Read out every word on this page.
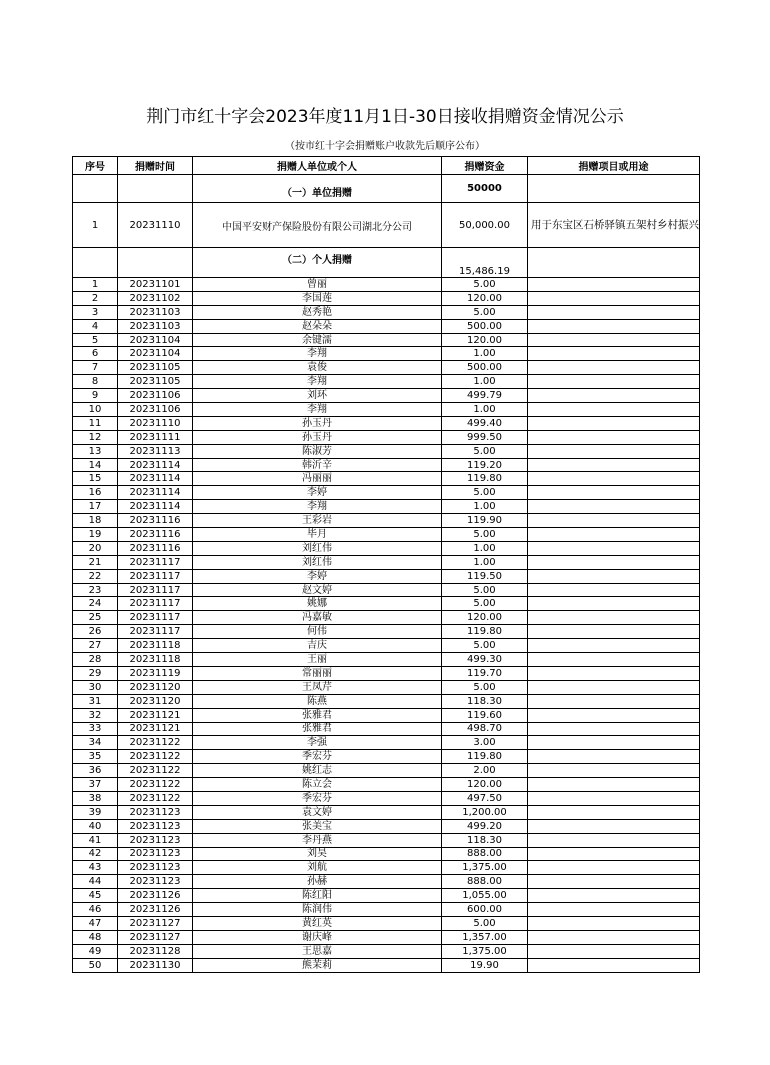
荆门市红十字会2023年度11月1日-30日接收捐赠资金情况公示
（按市红十字会捐赠账户收款先后顺序公布）
序号	捐赠时间	捐赠人单位或个人	捐赠资金	捐赠项目或用途
		（一）单位捐赠	50000	
1	20231110	中国平安财产保险股份有限公司湖北分公司	50,000.00	用于东宝区石桥驿镇五架村乡村振兴
		（二）个人捐赠	15,486.19	
1	20231101	曾丽	5.00	
2	20231102	李国莲	120.00	
3	20231103	赵秀艳	5.00	
4	20231103	赵朵朵	500.00	
5	20231104	余键濡	120.00	
6	20231104	李翔	1.00	
7	20231105	袁俊	500.00	
8	20231105	李翔	1.00	
9	20231106	刘环	499.79	
10	20231106	李翔	1.00	
11	20231110	孙玉丹	499.40	
12	20231111	孙玉丹	999.50	
13	20231113	陈淑芳	5.00	
14	20231114	韩沂辛	119.20	
15	20231114	冯丽丽	119.80	
16	20231114	李婷	5.00	
17	20231114	李翔	1.00	
18	20231116	王彩岩	119.90	
19	20231116	毕月	5.00	
20	20231116	刘红伟	1.00	
21	20231117	刘红伟	1.00	
22	20231117	李婷	119.50	
23	20231117	赵文婷	5.00	
24	20231117	姚娜	5.00	
25	20231117	冯嘉敏	120.00	
26	20231117	何伟	119.80	
27	20231118	吉庆	5.00	
28	20231118	王丽	499.30	
29	20231119	常丽丽	119.70	
30	20231120	王凤芹	5.00	
31	20231120	陈燕	118.30	
32	20231121	张雅君	119.60	
33	20231121	张雅君	498.70	
34	20231122	李强	3.00	
35	20231122	季宏芬	119.80	
36	20231122	姚红志	2.00	
37	20231122	陈立会	120.00	
38	20231122	季宏芬	497.50	
39	20231123	袁文婷	1,200.00	
40	20231123	张美宝	499.20	
41	20231123	李丹燕	118.30	
42	20231123	刘昊	888.00	
43	20231123	刘航	1,375.00	
44	20231123	孙赫	888.00	
45	20231126	陈红阳	1,055.00	
46	20231126	陈润伟	600.00	
47	20231127	黄红英	5.00	
48	20231127	谢庆峰	1,357.00	
49	20231128	王思嘉	1,375.00	
50	20231130	熊茉莉	19.90	
